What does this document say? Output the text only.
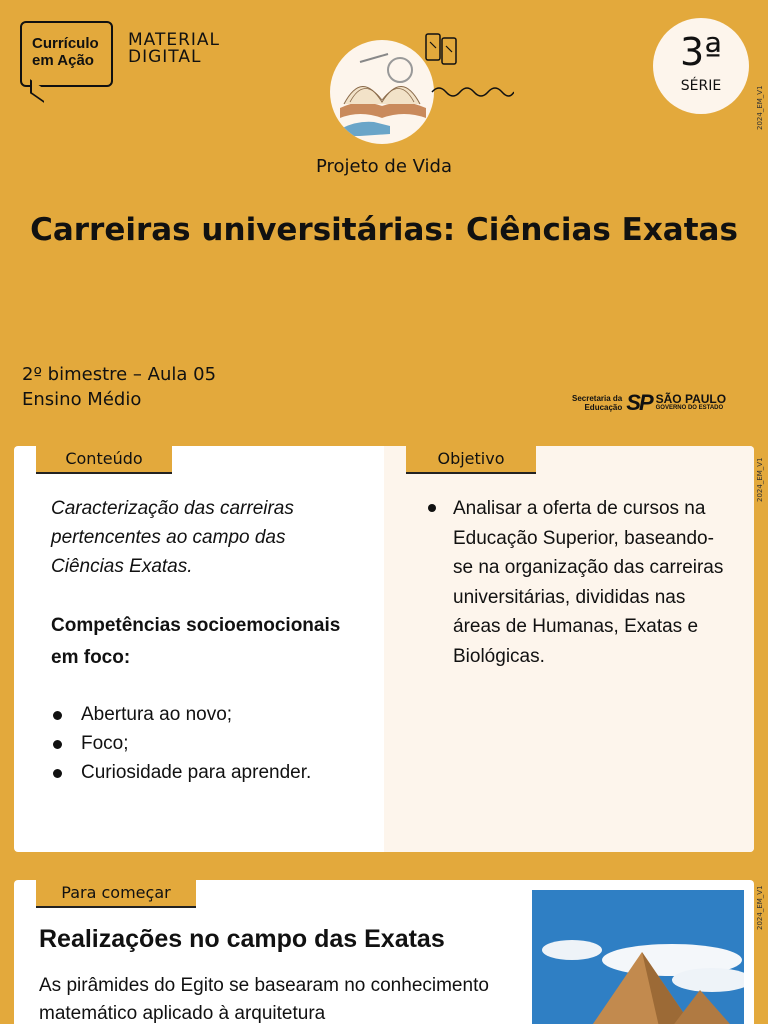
Currículo
em Ação
MATERIAL
DIGITAL	3ª
SÉRIE	2024_EM_V1
2024_EM_V1
2024_EM_V1
Projeto de Vida
Carreiras universitárias: Ciências Exatas
2º bimestre – Aula 05
Ensino Médio	Secretaria da
Educação SP SÃO PAULO
GOVERNO DO ESTADO
Conteúdo	Objetivo
Caracterização das carreiras pertencentes ao campo das Ciências Exatas.
Competências socioemocionais em foco:
Abertura ao novo;
Foco;
Curiosidade para aprender.
Analisar a oferta de cursos na Educação Superior, baseando-se na organização das carreiras universitárias, divididas nas áreas de Humanas, Exatas e Biológicas.
Para começar
Realizações no campo das Exatas
As pirâmides do Egito se basearam no conhecimento matemático aplicado à arquitetura
